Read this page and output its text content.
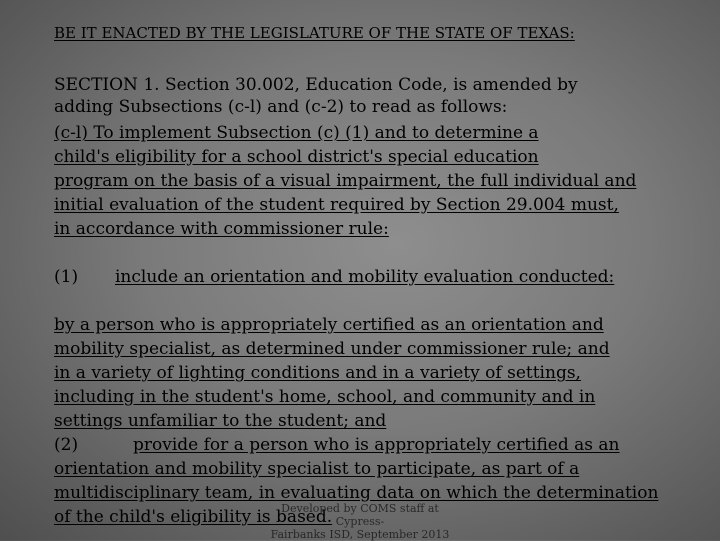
BE IT ENACTED BY THE LEGISLATURE OF THE STATE OF TEXAS:
SECTION 1. Section 30.002, Education Code, is amended by
adding Subsections (c-l) and (c-2) to read as follows:
(c-l) To implement Subsection (c) (1) and to determine a
child's eligibility for a school district's special education
program on the basis of a visual impairment, the full individual and
initial evaluation of the student required by Section 29.004 must,
in accordance with commissioner rule:
(1) include an orientation and mobility evaluation conducted:
by a person who is appropriately certified as an orientation and
mobility specialist, as determined under commissioner rule; and
in a variety of lighting conditions and in a variety of settings,
including in the student's home, school, and community and in
settings unfamiliar to the student; and
(2)	provide for a person who is appropriately certified as an
orientation and mobility specialist to participate, as part of a
multidisciplinary team, in evaluating data on which the determination
of the child's eligibility is based.
Developed by COMS staff at Cypress-
Fairbanks ISD, September 2013
